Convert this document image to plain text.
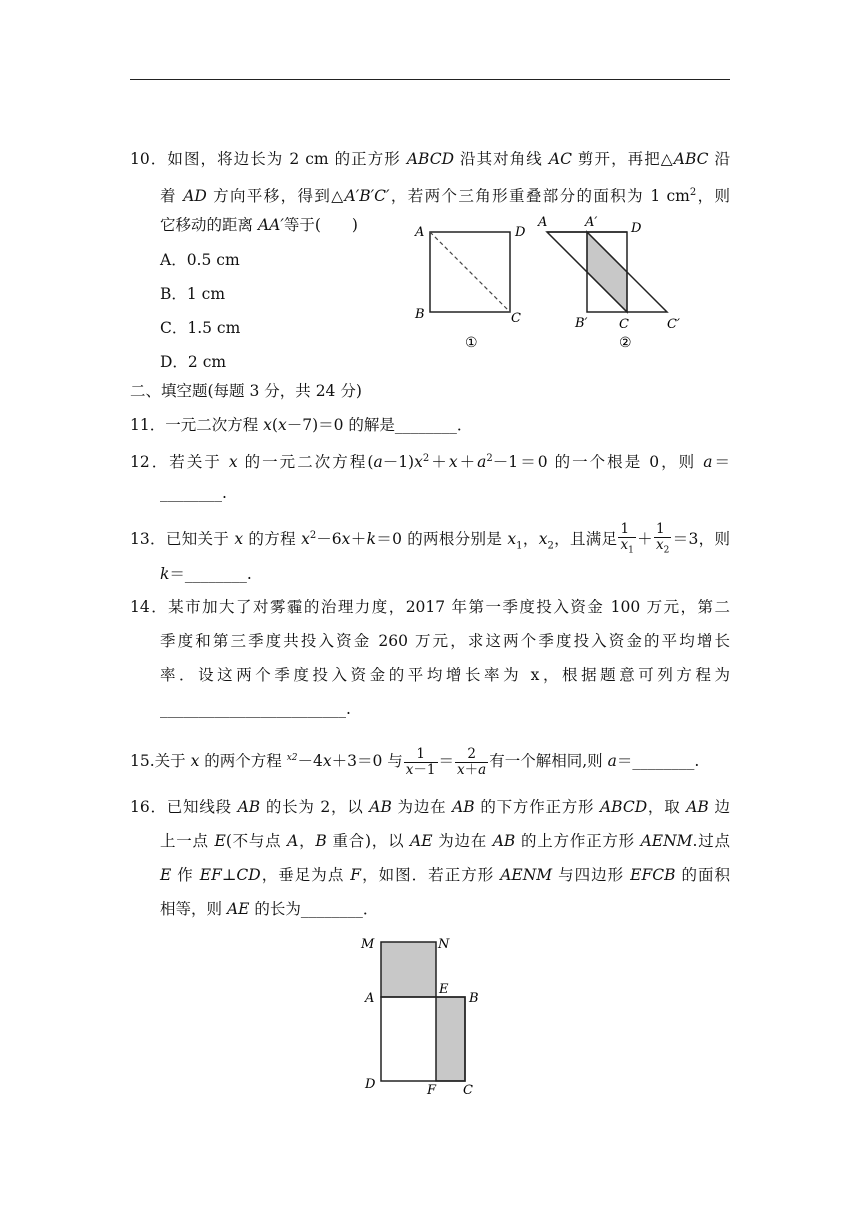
10．如图，将边长为 2 cm 的正方形 ABCD 沿其对角线 AC 剪开，再把△ABC 沿
着 AD 方向平移，得到△A′B′C′，若两个三角形重叠部分的面积为 1 $cm^2$，则
它移动的距离 AA′等于(　　)
A．0.5 cm
B．1 cm
C．1.5 cm
D．2 cm
A	D
B	C
①
A	A′	D
B′ C	C′
②
二、填空题(每题 3 分，共 24 分)
11．一元二次方程 x(x－7)＝0 的解是________．
12．若关于 x 的一元二次方程$(a-1)x^2+x+a^2-1=0$ 的一个根是 0，则 a＝
________.
13．已知关于 x 的方程 $x^2-6x+k=0$ 的两根分别是 $x_1$，$x_2$，且满足 $\frac{1}{x_1} + \frac{1}{x_2} =3$，则
k＝________.
14．某市加大了对雾霾的治理力度，2017 年第一季度投入资金 100 万元，第二
季度和第三季度共投入资金 260 万元，求这两个季度投入资金的平均增长
率．设这两个季度投入资金的平均增长率为 x，根据题意可列方程为
________________________.
15.关于 x 的两个方程 $^{x2}$－4x＋3＝0 与 $\frac{1}{x-1} = \frac{2}{x+a}$ 有一个解相同,则 a＝________.
16．已知线段 AB 的长为 2，以 AB 为边在 AB 的下方作正方形 ABCD，取 AB 边
上一点 E(不与点 A，B 重合)，以 AE 为边在 AB 的上方作正方形 AENM.过点
E 作 EF⊥CD，垂足为点 F，如图．若正方形 AENM 与四边形 EFCB 的面积
相等，则 AE 的长为________．
M	N
A
E
B
D	F C
